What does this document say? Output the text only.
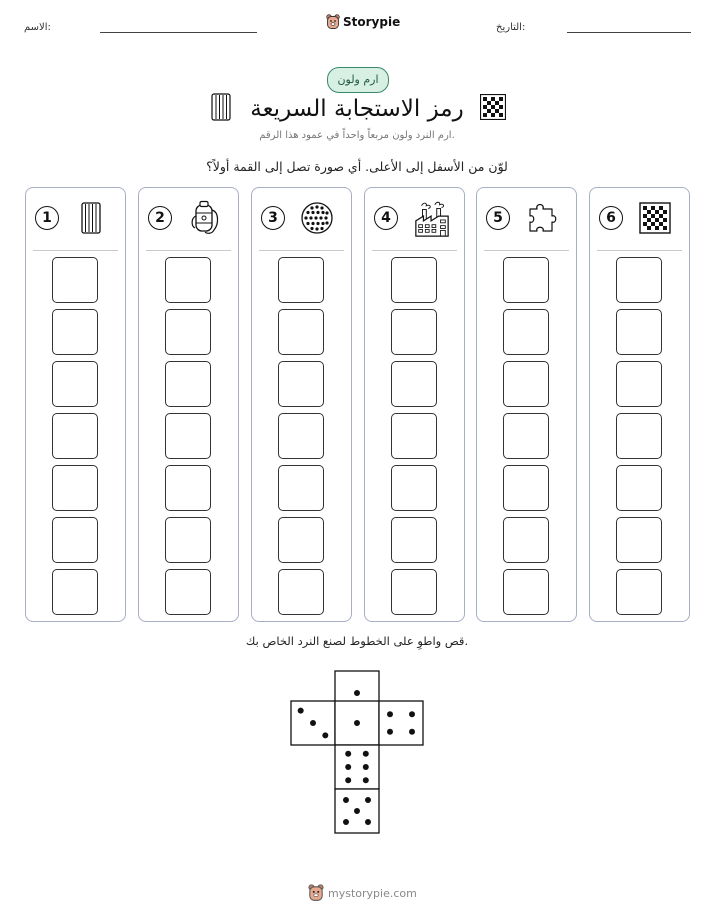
الاسم:	Storypie	التاريخ:
ارم ولون
رمز الاستجابة السريعة
ارم النرد ولون مربعاً واحداً في عمود هذا الرقم.
لوّن من الأسفل إلى الأعلى. أي صورة تصل إلى القمة أولاً؟
1	2	3	4	5	6
قص واطوِ على الخطوط لصنع النرد الخاص بك.
mystorypie.com
